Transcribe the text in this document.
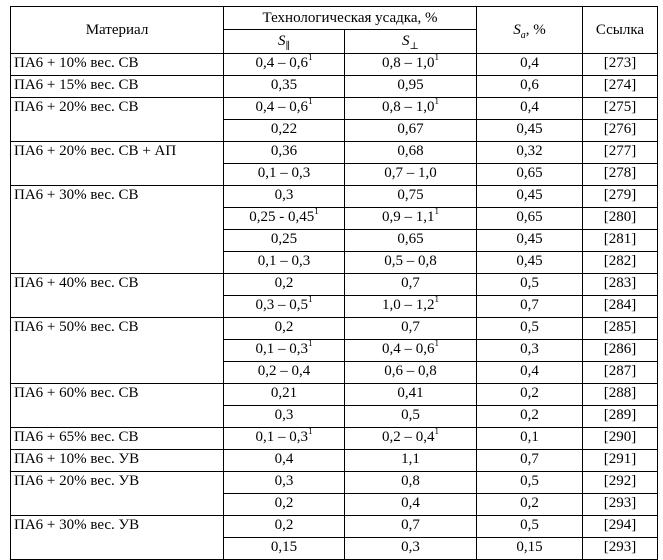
Материал	Технологическая усадка, %		$S_a$, %	Ссылка
	$S_\parallel$	$S_\perp$
ПА6 + 10% вес. СВ	$0,4 - 0,6^1$	$0,8 - 1,0^1$	0,4	[273]
ПА6 + 15% вес. СВ	0,35	0,95	0,6	[274]
ПА6 + 20% вес. СВ	$0,4 - 0,6^1$	$0,8 - 1,0^1$	0,4	[275]
	0,22	0,67	0,45	[276]
ПА6 + 20% вес. СВ + АП	0,36	0,68	0,32	[277]
	0,1 – 0,3	0,7 – 1,0	0,65	[278]
ПА6 + 30% вес. СВ	0,3	0,75	0,45	[279]
	0,25 - 0,45$^1$	$0,9 - 1,1^1$	0,65	[280]
	0,25	0,65	0,45	[281]
	0,1 – 0,3	0,5 – 0,8	0,45	[282]
ПА6 + 40% вес. СВ	0,2	0,7	0,5	[283]
	$0,3 - 0,5^1$	$1,0 - 1,2^1$	0,7	[284]
ПА6 + 50% вес. СВ	0,2	0,7	0,5	[285]
	$0,1 - 0,3^1$	$0,4 - 0,6^1$	0,3	[286]
	0,2 – 0,4	0,6 – 0,8	0,4	[287]
ПА6 + 60% вес. СВ	0,21	0,41	0,2	[288]
	0,3	0,5	0,2	[289]
ПА6 + 65% вес. СВ	$0,1 - 0,3^1$	$0,2 - 0,4^1$	0,1	[290]
ПА6 + 10% вес. УВ	0,4	1,1	0,7	[291]
ПА6 + 20% вес. УВ	0,3	0,8	0,5	[292]
	0,2	0,4	0,2	[293]
ПА6 + 30% вес. УВ	0,2	0,7	0,5	[294]
	0,15	0,3	0,15	[293]
